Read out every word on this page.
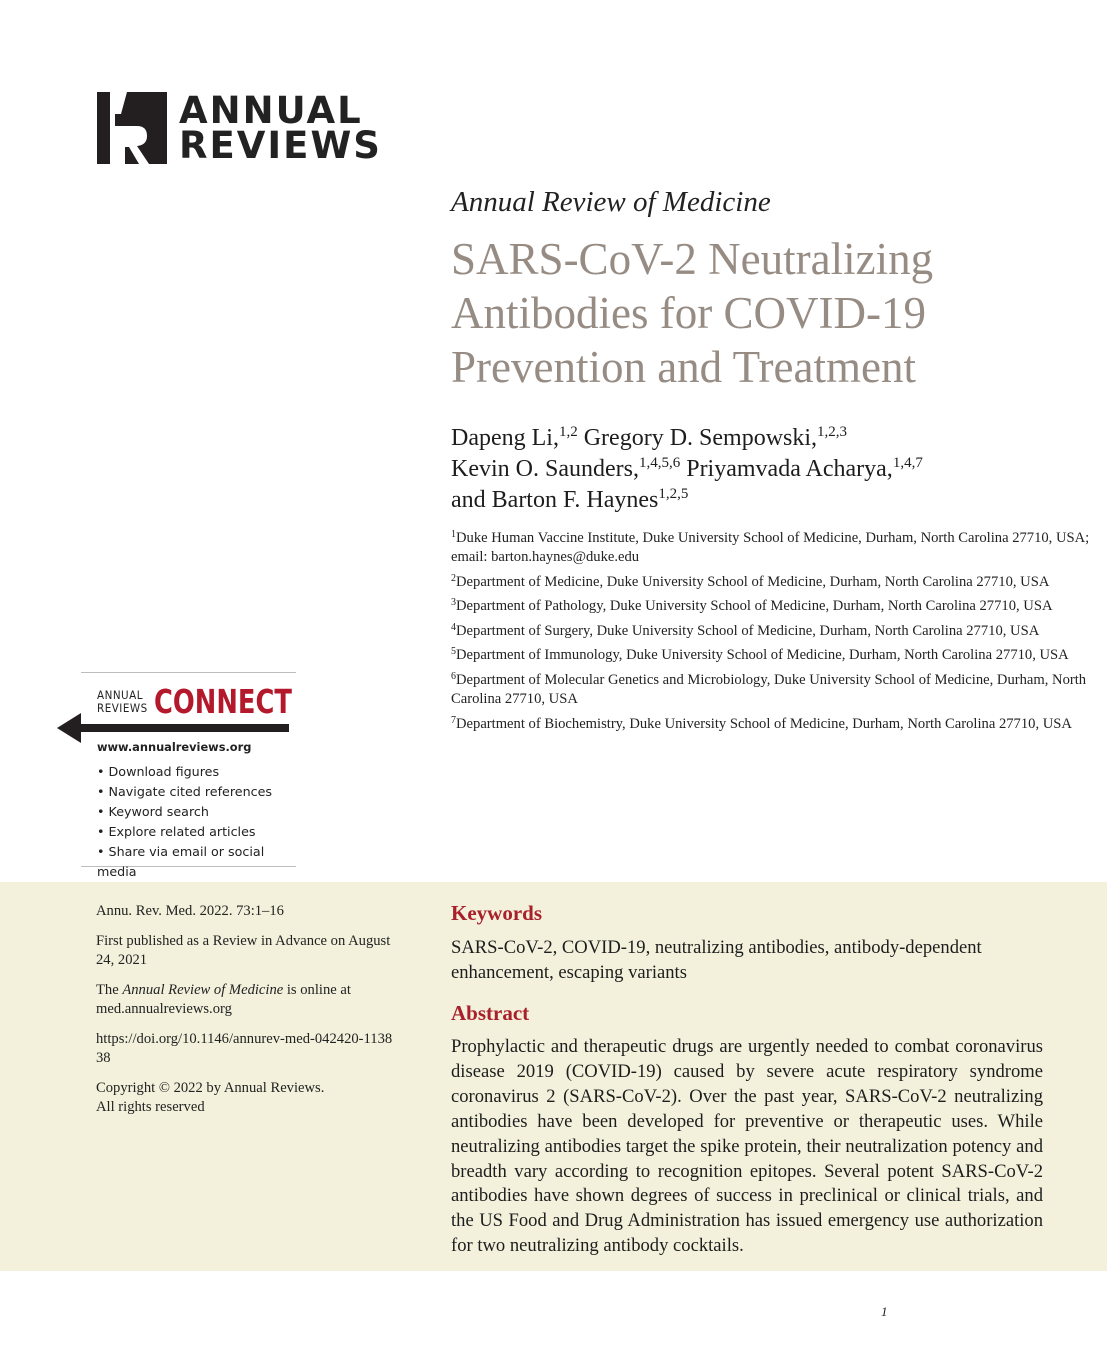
ANNUAL
REVIEWS
Annual Review of Medicine
SARS-CoV-2 Neutralizing Antibodies for COVID-19 Prevention and Treatment
Dapeng Li,$^{1,2}$ Gregory D. Sempowski,$^{1,2,3}$
Kevin O. Saunders,$^{1,4,5,6}$ Priyamvada Acharya,$^{1,4,7}$
and Barton F. Haynes$^{1,2,5}$
$^1$Duke Human Vaccine Institute, Duke University School of Medicine, Durham, North Carolina 27710, USA; email: barton.haynes@duke.edu
$^2$Department of Medicine, Duke University School of Medicine, Durham, North Carolina 27710, USA
$^3$Department of Pathology, Duke University School of Medicine, Durham, North Carolina 27710, USA
$^4$Department of Surgery, Duke University School of Medicine, Durham, North Carolina 27710, USA
$^5$Department of Immunology, Duke University School of Medicine, Durham, North Carolina 27710, USA
$^6$Department of Molecular Genetics and Microbiology, Duke University School of Medicine, Durham, North Carolina 27710, USA
$^7$Department of Biochemistry, Duke University School of Medicine, Durham, North Carolina 27710, USA
ANNUAL
REVIEWS CONNECT
www.annualreviews.org
• Download figures
• Navigate cited references
• Keyword search
• Explore related articles
• Share via email or social media

Annu. Rev. Med. 2022. 73:1–16

First published as a Review in Advance on August 24, 2021

The Annual Review of Medicine is online at med.annualreviews.org

https://doi.org/10.1146/annurev-med-042420-113838

Copyright © 2022 by Annual Reviews.
All rights reserved

Keywords
SARS-CoV-2, COVID-19, neutralizing antibodies, antibody-dependent enhancement, escaping variants
Abstract
Prophylactic and therapeutic drugs are urgently needed to combat coronavirus disease 2019 (COVID-19) caused by severe acute respiratory syndrome coronavirus 2 (SARS-CoV-2). Over the past year, SARS-CoV-2 neutralizing antibodies have been developed for preventive or therapeutic uses. While neutralizing antibodies target the spike protein, their neutralization potency and breadth vary according to recognition epitopes. Several potent SARS-CoV-2 antibodies have shown degrees of success in preclinical or clinical trials, and the US Food and Drug Administration has issued emergency use authorization for two neutralizing antibody cocktails.
1
